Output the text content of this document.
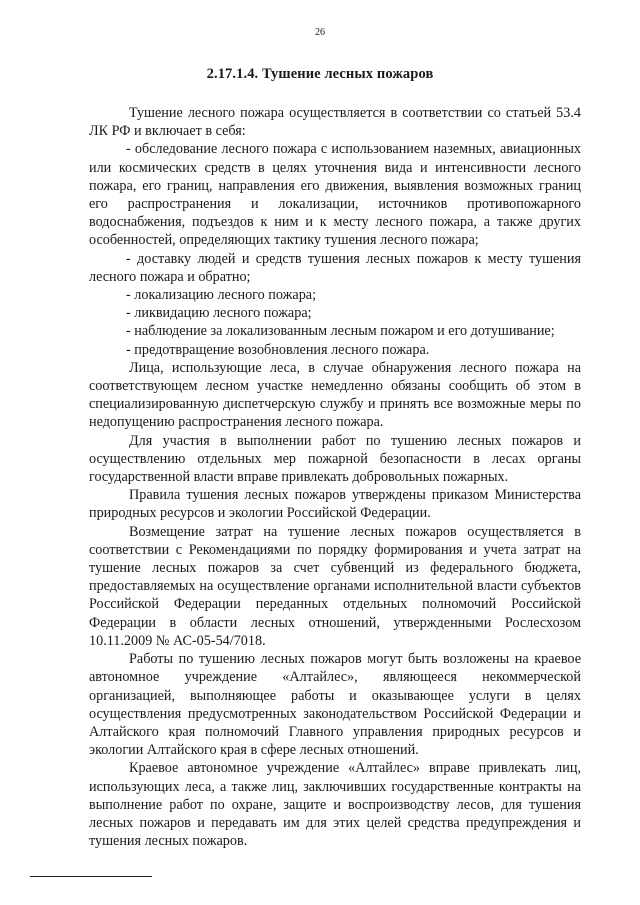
26
2.17.1.4. Тушение лесных пожаров

Тушение лесного пожара осуществляется в соответствии со статьей 53.4 ЛК РФ и включает в себя:

- обследование лесного пожара с использованием наземных, авиационных или космических средств в целях уточнения вида и интенсивности лесного пожара, его границ, направления его движения, выявления возможных границ его распространения и локализации, источников противопожарного водоснабжения, подъездов к ним и к месту лесного пожара, а также других особенностей, определяющих тактику тушения лесного пожара;

- доставку людей и средств тушения лесных пожаров к месту тушения лесного пожара и обратно;

- локализацию лесного пожара;

- ликвидацию лесного пожара;

- наблюдение за локализованным лесным пожаром и его дотушивание;

- предотвращение возобновления лесного пожара.

Лица, использующие леса, в случае обнаружения лесного пожара на соответствующем лесном участке немедленно обязаны сообщить об этом в специализированную диспетчерскую службу и принять все возможные меры по недопущению распространения лесного пожара.

Для участия в выполнении работ по тушению лесных пожаров и осуществлению отдельных мер пожарной безопасности в лесах органы государственной власти вправе привлекать добровольных пожарных.

Правила тушения лесных пожаров утверждены приказом Министерства природных ресурсов и экологии Российской Федерации.

Возмещение затрат на тушение лесных пожаров осуществляется в соответствии с Рекомендациями по порядку формирования и учета затрат на тушение лесных пожаров за счет субвенций из федерального бюджета, предоставляемых на осуществление органами исполнительной власти субъектов Российской Федерации переданных отдельных полномочий Российской Федерации в области лесных отношений, утвержденными Рослесхозом 10.11.2009 № АС-05-54/7018.

Работы по тушению лесных пожаров могут быть возложены на краевое автономное учреждение «Алтайлес», являющееся некоммерческой организацией, выполняющее работы и оказывающее услуги в целях осуществления предусмотренных законодательством Российской Федерации и Алтайского края полномочий Главного управления природных ресурсов и экологии Алтайского края в сфере лесных отношений.

Краевое автономное учреждение «Алтайлес» вправе привлекать лиц, использующих леса, а также лиц, заключивших государственные контракты на выполнение работ по охране, защите и воспроизводству лесов, для тушения лесных пожаров и передавать им для этих целей средства предупреждения и тушения лесных пожаров.
